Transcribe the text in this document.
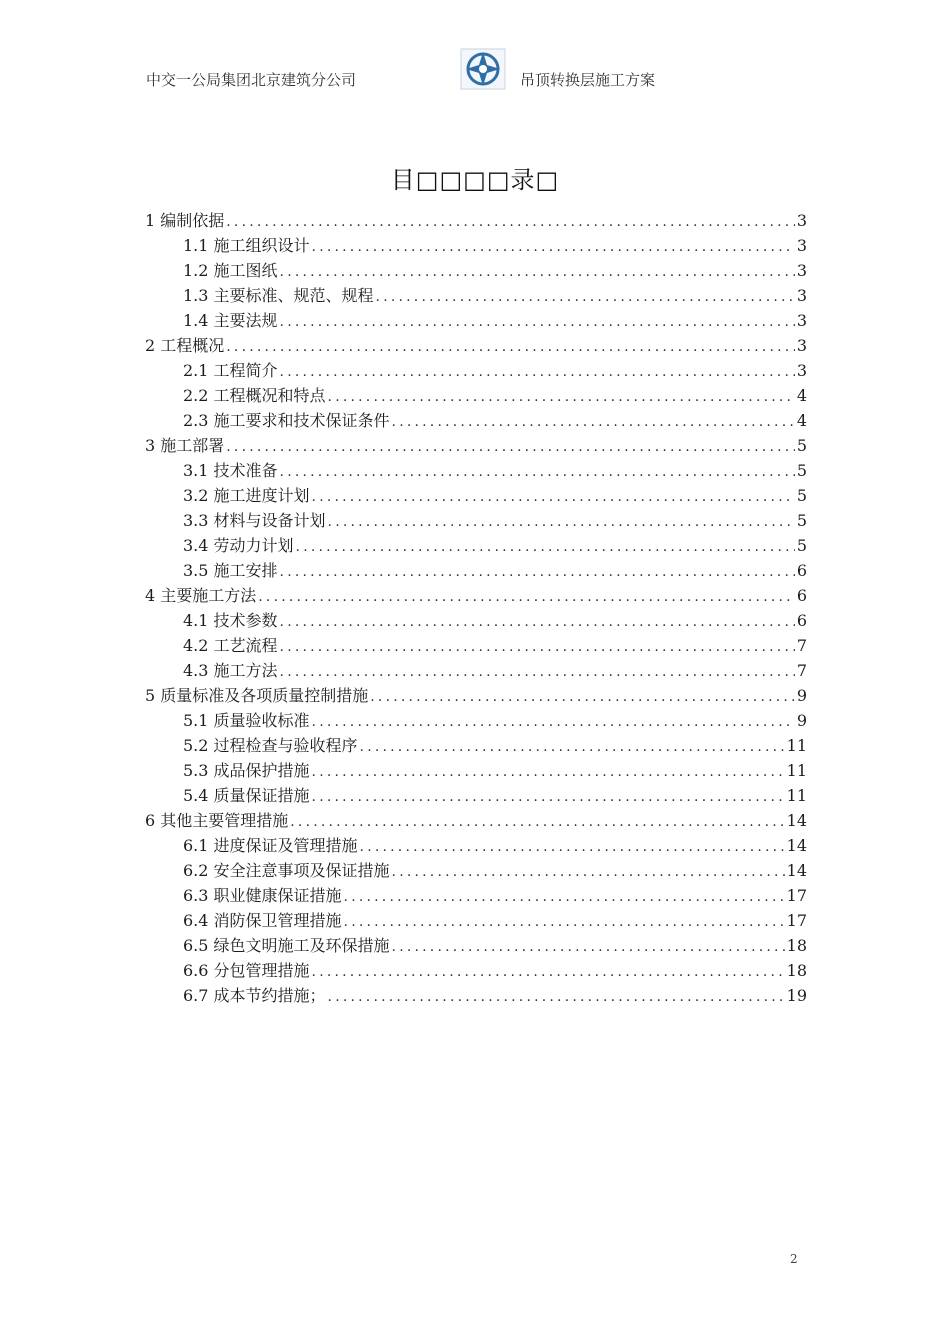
中交一公局集团北京建筑分公司	吊顶转换层施工方案
目□□□□录□
1 编制依据 .....	3
1.1 施工组织设计 .....	3
1.2 施工图纸 .....	3
1.3 主要标准、规范、规程 .....	3
1.4 主要法规 .....	3
2 工程概况 .....	3
2.1 工程简介 .....	3
2.2 工程概况和特点 .....	4
2.3 施工要求和技术保证条件 .....	4
3 施工部署 .....	5
3.1 技术准备 .....	5
3.2 施工进度计划 .....	5
3.3 材料与设备计划 .....	5
3.4 劳动力计划 .....	5
3.5 施工安排 .....	6
4 主要施工方法 .....	6
4.1 技术参数 .....	6
4.2 工艺流程 .....	7
4.3 施工方法 .....	7
5 质量标准及各项质量控制措施 .....	9
5.1 质量验收标准 .....	9
5.2 过程检查与验收程序 .....	11
5.3 成品保护措施 .....	11
5.4 质量保证措施 .....	11
6 其他主要管理措施 .....	14
6.1 进度保证及管理措施 .....	14
6.2 安全注意事项及保证措施 .....	14
6.3 职业健康保证措施 .....	17
6.4 消防保卫管理措施 .....	17
6.5 绿色文明施工及环保措施 .....	18
6.6 分包管理措施 .....	18
6.7 成本节约措施； .....	19
2
